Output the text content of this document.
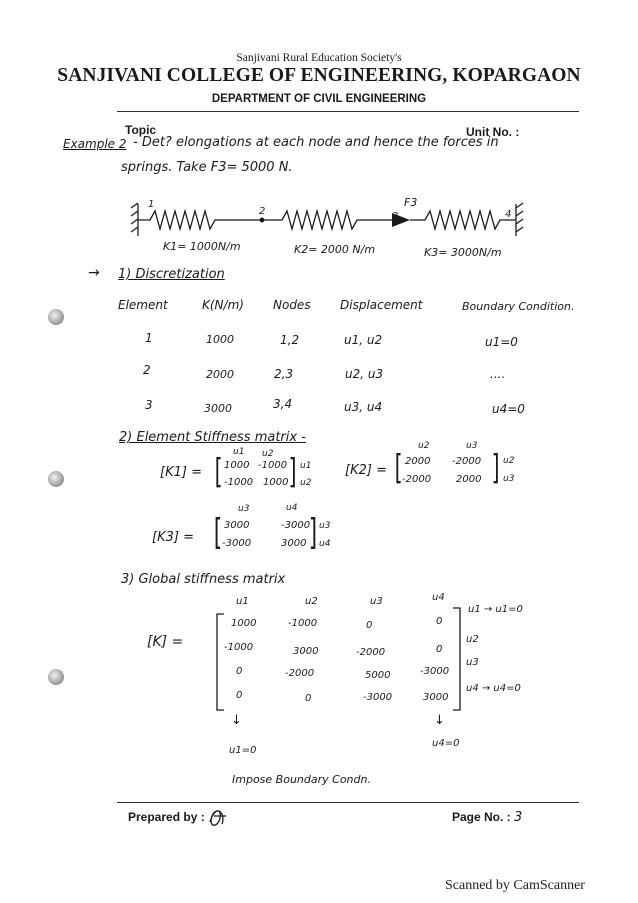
Sanjivani Rural Education Society's
SANJIVANI COLLEGE OF ENGINEERING, KOPARGAON
DEPARTMENT OF CIVIL ENGINEERING
Topic	Unit No. :
Example 2 - Det? elongations at each node and hence the forces in
springs. Take F3= 5000 N.
1
2	3
F3
4
K1= 1000N/m	K2= 2000 N/m	K3= 3000N/m
→ 1) Discretization
Element	K(N/m) Nodes Displacement	Boundary Condition.
1	1000	1,2	u1, u2	u1=0
2	2000	2,3	u2, u3	....
3	3000	3,4	u3, u4	u4=0
2) Element Stiffness matrix -
[K1] =
u1 u2
[ 1000 -1000
-1000 1000 ] u1
u2
[K2] =
u2	u3
[ 2000 -2000
-2000 2000 ] u2
u3
[K3] =
u3	u4
[ 3000	-3000
-3000	3000 ] u3
u4
3) Global stiffness matrix
u1	u2	u3	u4
[K] =
1000	-1000	0	0
-1000	3000	-2000	0
0	-2000	5000	-3000
0	0	-3000	3000
u1 → u1=0
u2
u3
u4 → u4=0
↓
u1=0
↓
u4=0
Impose Boundary Condn.
Prepared by :	Page No. : 3
Scanned by CamScanner
